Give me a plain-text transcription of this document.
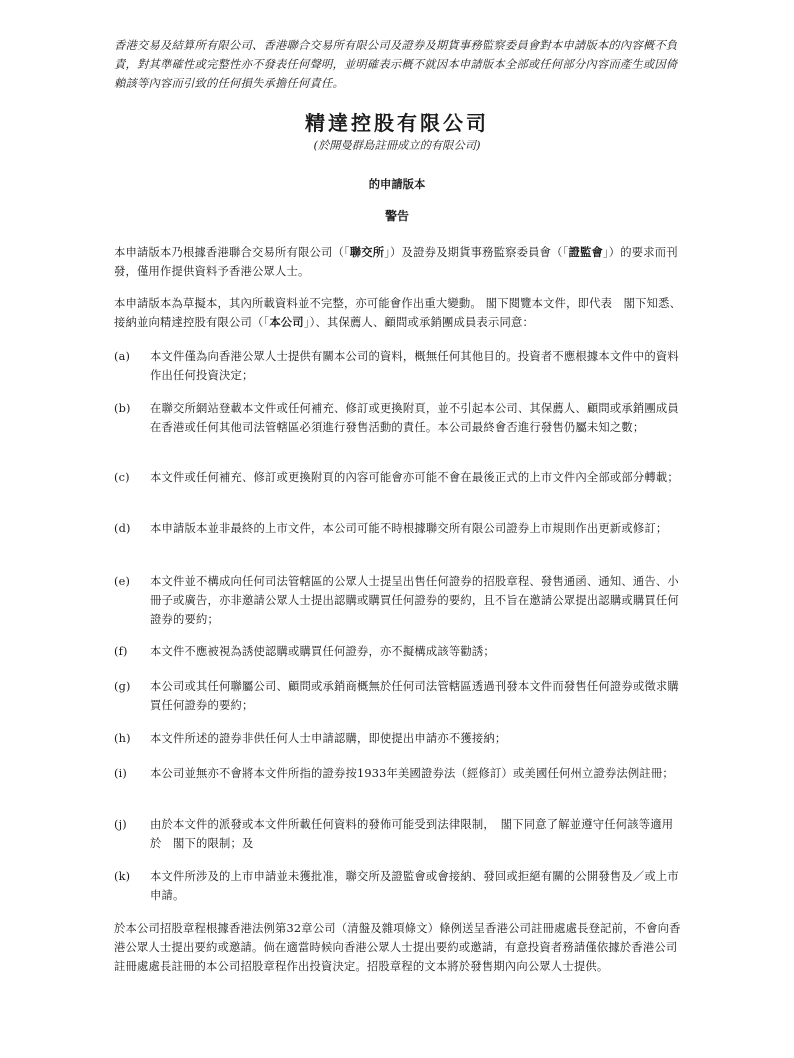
香港交易及結算所有限公司、香港聯合交易所有限公司及證券及期貨事務監察委員會對本申請版本的內容概不負責，對其準確性或完整性亦不發表任何聲明，並明確表示概不就因本申請版本全部或任何部分內容而產生或因倚賴該等內容而引致的任何損失承擔任何責任。
精達控股有限公司
(於開曼群島註冊成立的有限公司)
的申請版本
警告
本申請版本乃根據香港聯合交易所有限公司（「聯交所」）及證券及期貨事務監察委員會（「證監會」）的要求而刊發，僅用作提供資料予香港公眾人士。
本申請版本為草擬本，其內所載資料並不完整，亦可能會作出重大變動。 閣下閱覽本文件，即代表　閣下知悉、接納並向精達控股有限公司（「本公司」）、其保薦人、顧問或承銷團成員表示同意：
(a)	本文件僅為向香港公眾人士提供有關本公司的資料，概無任何其他目的。投資者不應根據本文件中的資料作出任何投資決定；
(b)	在聯交所網站登載本文件或任何補充、修訂或更換附頁，並不引起本公司、其保薦人、顧問或承銷團成員在香港或任何其他司法管轄區必須進行發售活動的責任。本公司最終會否進行發售仍屬未知之數；
(c)	本文件或任何補充、修訂或更換附頁的內容可能會亦可能不會在最後正式的上市文件內全部或部分轉載；
(d)	本申請版本並非最終的上市文件，本公司可能不時根據聯交所有限公司證券上市規則作出更新或修訂；
(e)	本文件並不構成向任何司法管轄區的公眾人士提呈出售任何證券的招股章程、發售通函、通知、通告、小冊子或廣告，亦非邀請公眾人士提出認購或購買任何證券的要約，且不旨在邀請公眾提出認購或購買任何證券的要約；
(f)	本文件不應被視為誘使認購或購買任何證券，亦不擬構成該等勸誘；
(g)	本公司或其任何聯屬公司、顧問或承銷商概無於任何司法管轄區透過刊發本文件而發售任何證券或徵求購買任何證券的要約；
(h)	本文件所述的證券非供任何人士申請認購，即使提出申請亦不獲接納；
(i)	本公司並無亦不會將本文件所指的證券按1933年美國證券法（經修訂）或美國任何州立證券法例註冊；
(j)	由於本文件的派發或本文件所載任何資料的發佈可能受到法律限制，　閣下同意了解並遵守任何該等適用於　閣下的限制；及
(k)	本文件所涉及的上市申請並未獲批准，聯交所及證監會或會接納、發回或拒絕有關的公開發售及／或上市申請。
於本公司招股章程根據香港法例第32章公司（清盤及雜項條文）條例送呈香港公司註冊處處長登記前，不會向香港公眾人士提出要約或邀請。倘在適當時候向香港公眾人士提出要約或邀請，有意投資者務請僅依據於香港公司註冊處處長註冊的本公司招股章程作出投資決定。招股章程的文本將於發售期內向公眾人士提供。
